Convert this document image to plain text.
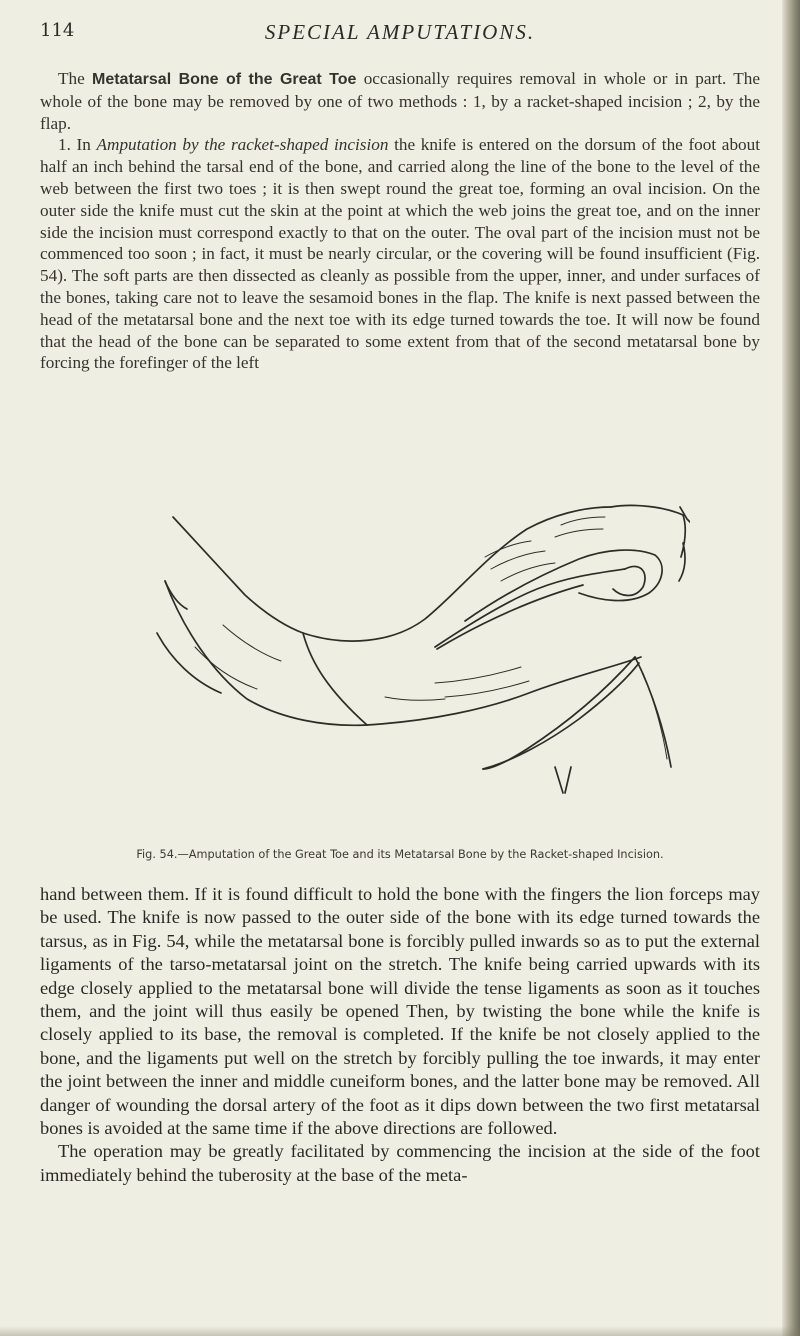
114	SPECIAL AMPUTATIONS.

The Metatarsal Bone of the Great Toe occasionally requires removal in whole or in part. The whole of the bone may be removed by one of two methods : 1, by a racket-shaped incision ; 2, by the flap.

1. In Amputation by the racket-shaped incision the knife is entered on the dorsum of the foot about half an inch behind the tarsal end of the bone, and carried along the line of the bone to the level of the web between the first two toes ; it is then swept round the great toe, forming an oval incision. On the outer side the knife must cut the skin at the point at which the web joins the great toe, and on the inner side the incision must correspond exactly to that on the outer. The oval part of the incision must not be commenced too soon ; in fact, it must be nearly circular, or the covering will be found insufficient (Fig. 54). The soft parts are then dissected as cleanly as possible from the upper, inner, and under surfaces of the bones, taking care not to leave the sesamoid bones in the flap. The knife is next passed between the head of the metatarsal bone and the next toe with its edge turned towards the toe. It will now be found that the head of the bone can be separated to some extent from that of the second metatarsal bone by forcing the forefinger of the left

Fig. 54.—Amputation of the Great Toe and its Metatarsal Bone by the Racket-shaped Incision.

hand between them. If it is found difficult to hold the bone with the fingers the lion forceps may be used. The knife is now passed to the outer side of the bone with its edge turned towards the tarsus, as in Fig. 54, while the metatarsal bone is forcibly pulled inwards so as to put the external ligaments of the tarso-metatarsal joint on the stretch. The knife being carried upwards with its edge closely applied to the metatarsal bone will divide the tense ligaments as soon as it touches them, and the joint will thus easily be opened Then, by twisting the bone while the knife is closely applied to its base, the removal is completed. If the knife be not closely applied to the bone, and the ligaments put well on the stretch by forcibly pulling the toe inwards, it may enter the joint between the inner and middle cuneiform bones, and the latter bone may be removed. All danger of wounding the dorsal artery of the foot as it dips down between the two first metatarsal bones is avoided at the same time if the above directions are followed.

The operation may be greatly facilitated by commencing the incision at the side of the foot immediately behind the tuberosity at the base of the meta-
